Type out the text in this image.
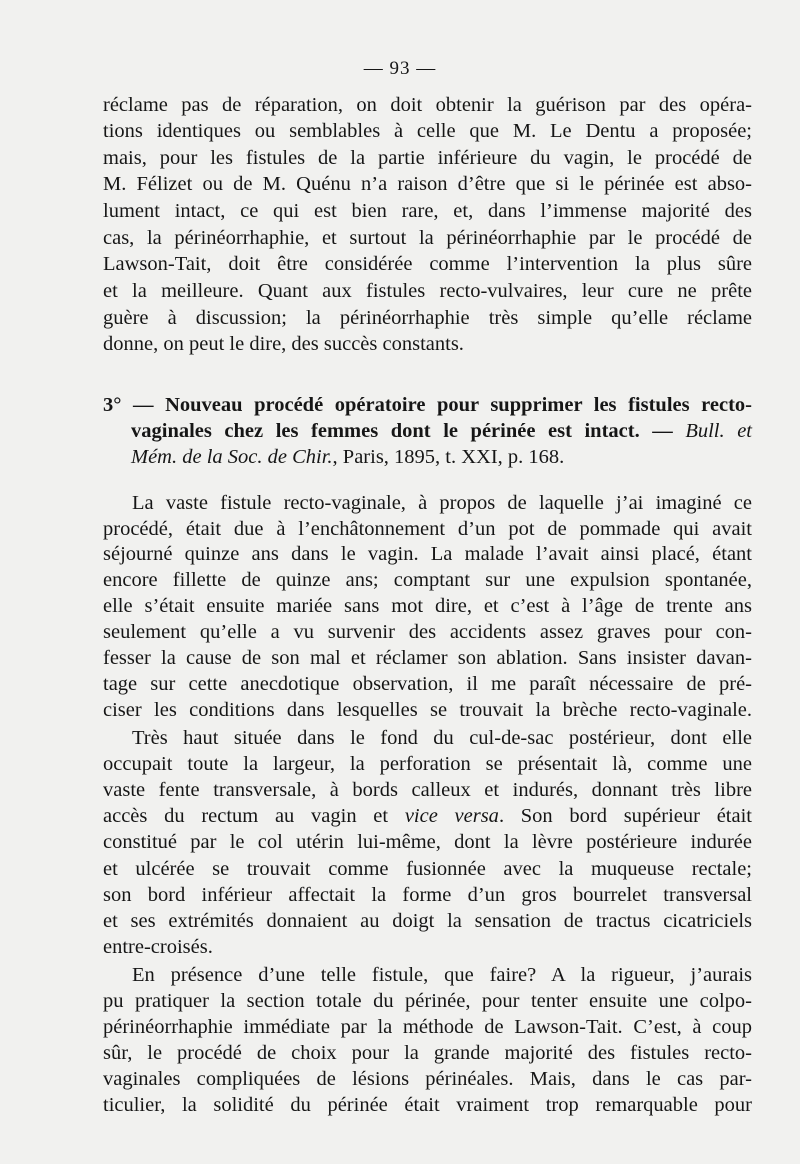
— 93 —
réclame pas de réparation, on doit obtenir la guérison par des opéra-
tions identiques ou semblables à celle que M. Le Dentu a proposée;
mais, pour les fistules de la partie inférieure du vagin, le procédé de
M. Félizet ou de M. Quénu n’a raison d’être que si le périnée est abso-
lument intact, ce qui est bien rare, et, dans l’immense majorité des
cas, la périnéorrhaphie, et surtout la périnéorrhaphie par le procédé de
Lawson-Tait, doit être considérée comme l’intervention la plus sûre
et la meilleure. Quant aux fistules recto-vulvaires, leur cure ne prête
guère à discussion; la périnéorrhaphie très simple qu’elle réclame
donne, on peut le dire, des succès constants.
3° — Nouveau procédé opératoire pour supprimer les fistules recto-
vaginales chez les femmes dont le périnée est intact. — Bull. et
Mém. de la Soc. de Chir., Paris, 1895, t. XXI, p. 168.
La vaste fistule recto-vaginale, à propos de laquelle j’ai imaginé ce
procédé, était due à l’enchâtonnement d’un pot de pommade qui avait
séjourné quinze ans dans le vagin. La malade l’avait ainsi placé, étant
encore fillette de quinze ans; comptant sur une expulsion spontanée,
elle s’était ensuite mariée sans mot dire, et c’est à l’âge de trente ans
seulement qu’elle a vu survenir des accidents assez graves pour con-
fesser la cause de son mal et réclamer son ablation. Sans insister davan-
tage sur cette anecdotique observation, il me paraît nécessaire de pré-
ciser les conditions dans lesquelles se trouvait la brèche recto-vaginale.
Très haut située dans le fond du cul-de-sac postérieur, dont elle
occupait toute la largeur, la perforation se présentait là, comme une
vaste fente transversale, à bords calleux et indurés, donnant très libre
accès du rectum au vagin et vice versa. Son bord supérieur était
constitué par le col utérin lui-même, dont la lèvre postérieure indurée
et ulcérée se trouvait comme fusionnée avec la muqueuse rectale;
son bord inférieur affectait la forme d’un gros bourrelet transversal
et ses extrémités donnaient au doigt la sensation de tractus cicatriciels
entre-croisés.
En présence d’une telle fistule, que faire? A la rigueur, j’aurais
pu pratiquer la section totale du périnée, pour tenter ensuite une colpo-
périnéorrhaphie immédiate par la méthode de Lawson-Tait. C’est, à coup
sûr, le procédé de choix pour la grande majorité des fistules recto-
vaginales compliquées de lésions périnéales. Mais, dans le cas par-
ticulier, la solidité du périnée était vraiment trop remarquable pour
